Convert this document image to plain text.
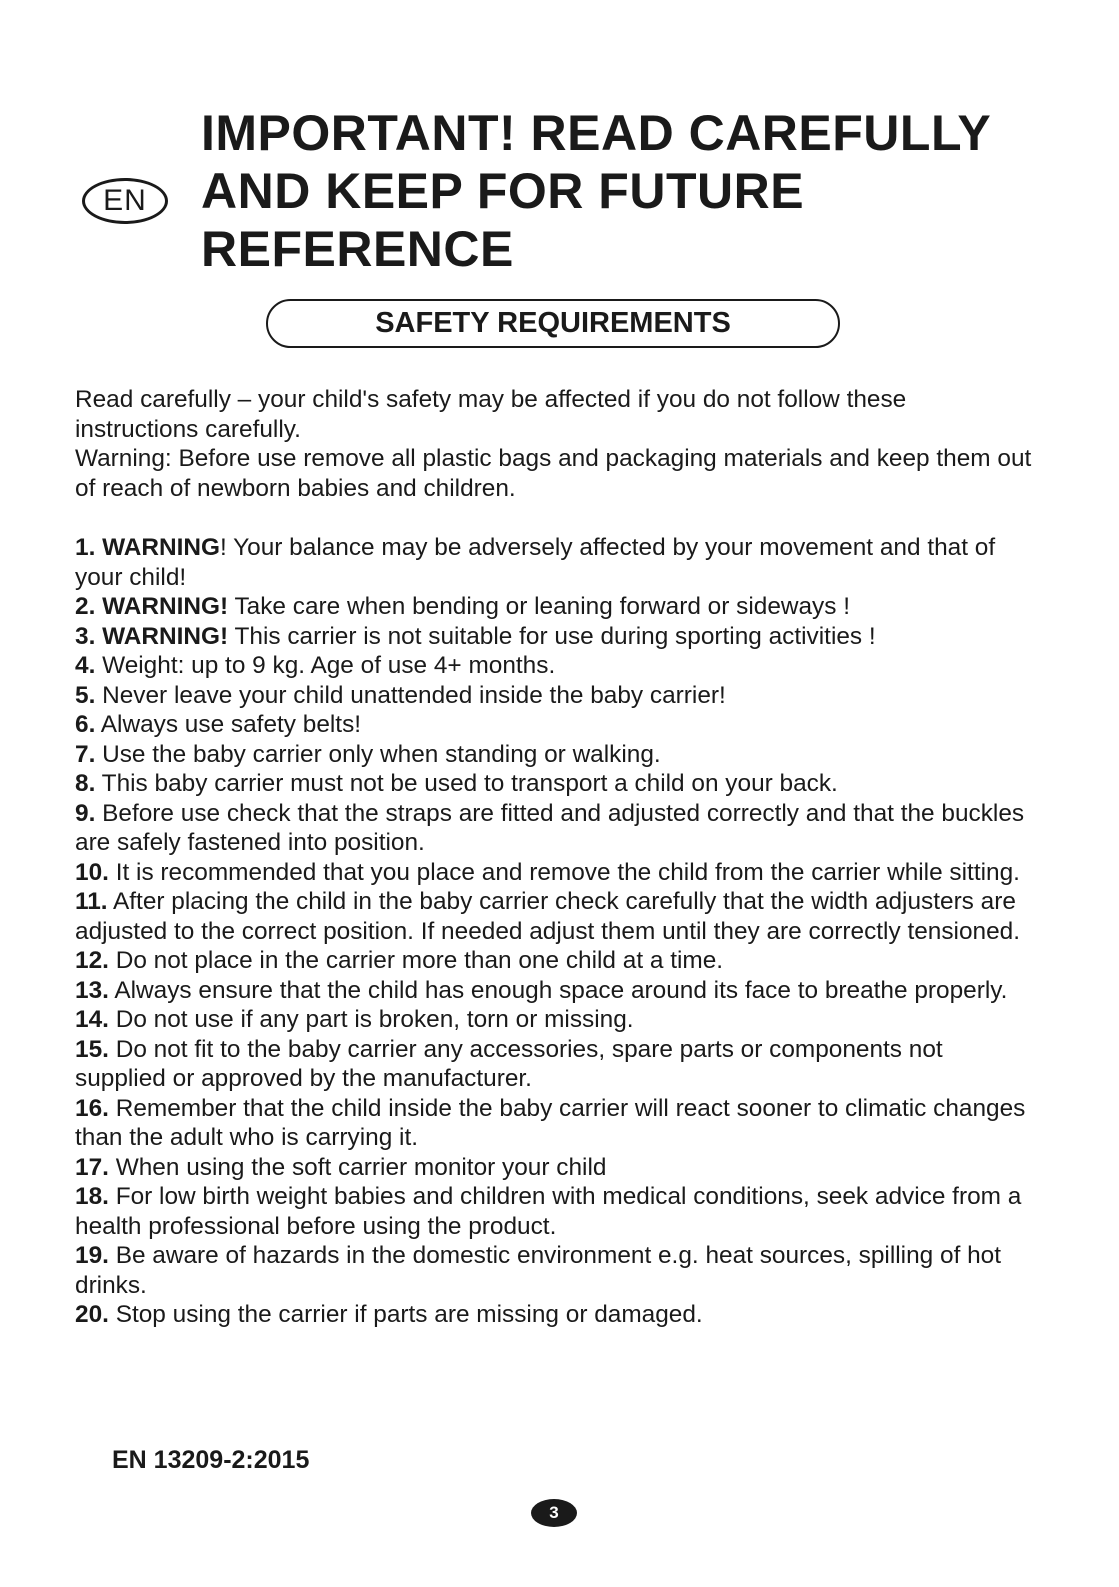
EN
IMPORTANT! READ CAREFULLY
AND KEEP FOR FUTURE
REFERENCE
SAFETY REQUIREMENTS

Read carefully – your child's safety may be affected if you do not follow these instructions carefully.

Warning: Before use remove all plastic bags and packaging materials and keep them out of reach of newborn babies and children.

1. WARNING! Your balance may be adversely affected by your movement and that of your child!
2. WARNING! Take care when bending or leaning forward or sideways !
3. WARNING! This carrier is not suitable for use during sporting activities !
4. Weight: up to 9 kg. Age of use 4+ months.
5. Never leave your child unattended inside the baby carrier!
6. Always use safety belts!
7. Use the baby carrier only when standing or walking.
8. This baby carrier must not be used to transport a child on your back.
9. Before use check that the straps are fitted and adjusted correctly and that the buckles are safely fastened into position.
10. It is recommended that you place and remove the child from the carrier while sitting.
11. After placing the child in the baby carrier check carefully that the width adjusters are adjusted to the correct position. If needed adjust them until they are correctly tensioned.
12. Do not place in the carrier more than one child at a time.
13. Always ensure that the child has enough space around its face to breathe properly.
14. Do not use if any part is broken, torn or missing.
15. Do not fit to the baby carrier any accessories, spare parts or components not supplied or approved by the manufacturer.
16. Remember that the child inside the baby carrier will react sooner to climatic changes than the adult who is carrying it.
17. When using the soft carrier monitor your child
18. For low birth weight babies and children with medical conditions, seek advice from a health professional before using the product.
19. Be aware of hazards in the domestic environment e.g. heat sources, spilling of hot drinks.
20. Stop using the carrier if parts are missing or damaged.
EN 13209-2:2015
3
